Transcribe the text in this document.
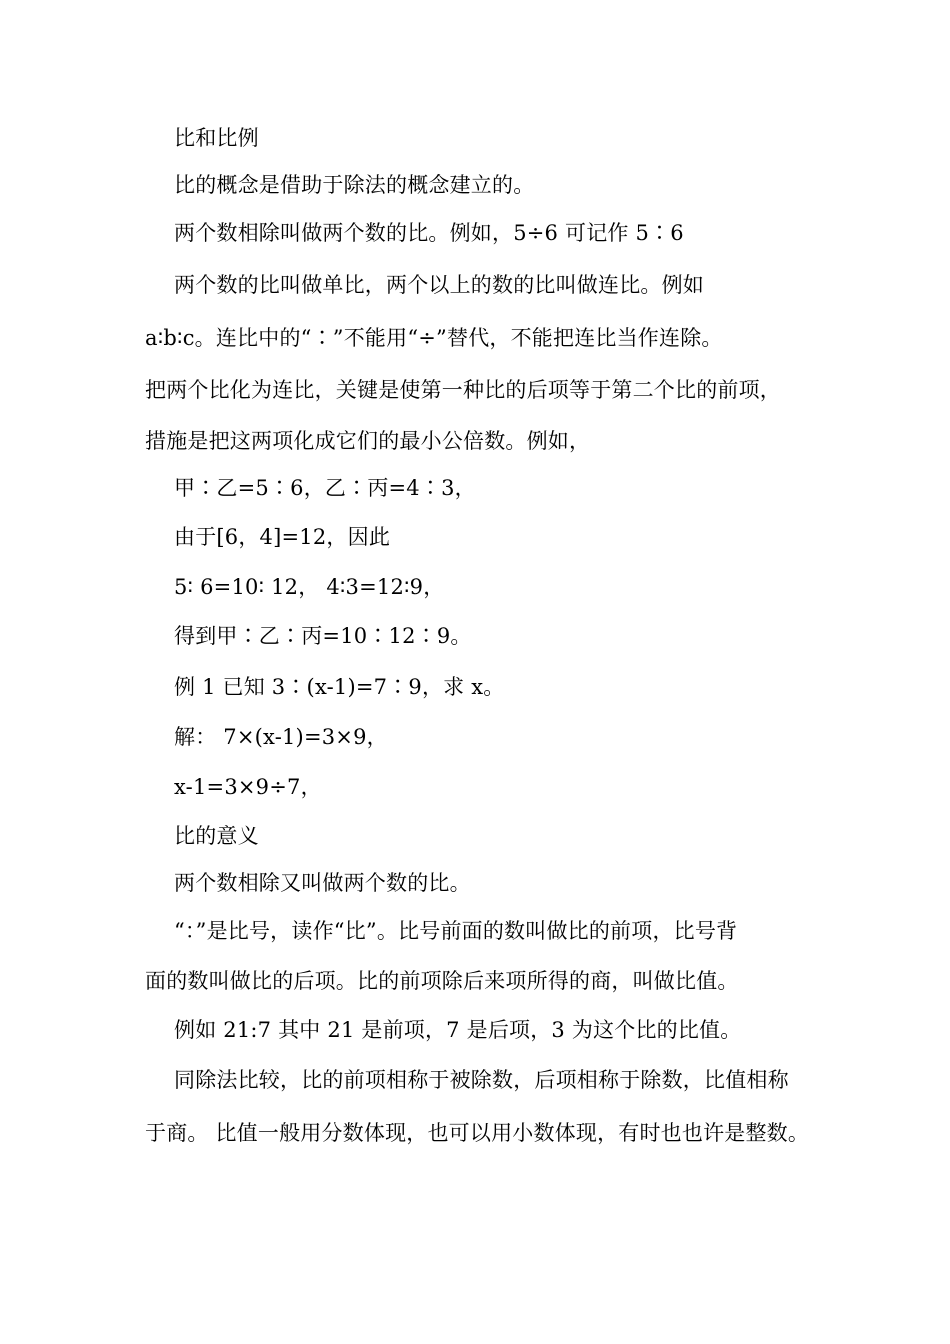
比和比例
比的概念是借助于除法的概念建立的。
两个数相除叫做两个数的比。例如，5÷6 可记作 5∶6
两个数的比叫做单比，两个以上的数的比叫做连比。例如
a∶b∶c。连比中的“∶”不能用“÷”替代，不能把连比当作连除。
把两个比化为连比，关键是使第一种比的后项等于第二个比的前项，
措施是把这两项化成它们的最小公倍数。例如，
甲∶乙=5∶6，乙∶丙=4∶3，
由于[6，4]=12，因此
5∶ 6=10∶ 12， 4∶3=12∶9，
得到甲∶乙∶丙=10∶12∶9。
例 1 已知 3∶(x-1)=7∶9，求 x。
解： 7×(x-1)=3×9，
x-1=3×9÷7，
比的意义
两个数相除又叫做两个数的比。
“：”是比号，读作“比”。比号前面的数叫做比的前项，比号背
面的数叫做比的后项。比的前项除后来项所得的商，叫做比值。
例如 21:7 其中 21 是前项，7 是后项，3 为这个比的比值。
同除法比较，比的前项相称于被除数，后项相称于除数，比值相称
于商。 比值一般用分数体现，也可以用小数体现，有时也也许是整数。
